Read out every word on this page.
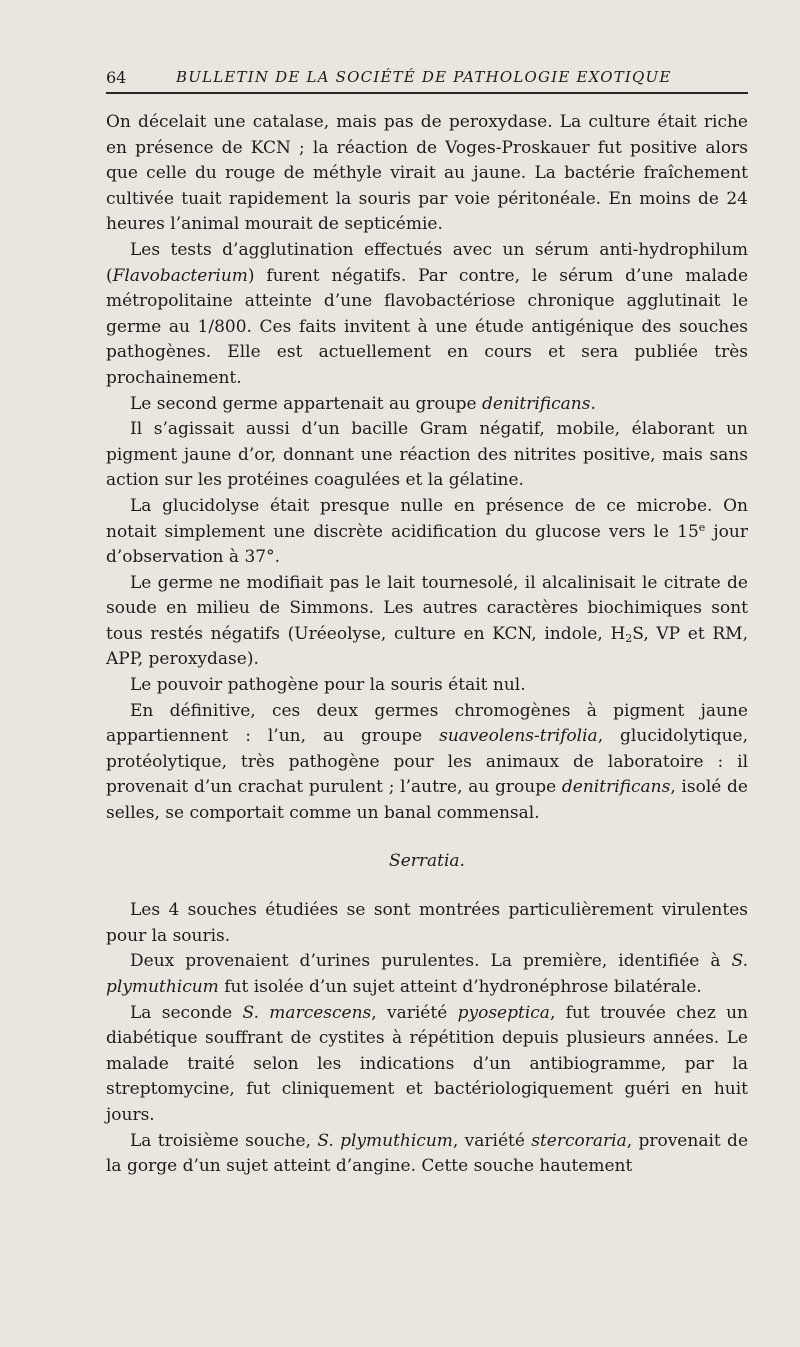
64	BULLETIN DE LA SOCIÉTÉ DE PATHOLOGIE EXOTIQUE

On décelait une catalase, mais pas de peroxydase. La culture était riche en présence de KCN ; la réaction de Voges-Proskauer fut positive alors que celle du rouge de méthyle virait au jaune. La bactérie fraîchement cultivée tuait rapidement la souris par voie péritonéale. En moins de 24 heures l’animal mourait de septicémie.

Les tests d’agglutination effectués avec un sérum anti-hydrophilum (Flavobacterium) furent négatifs. Par contre, le sérum d’une malade métropolitaine atteinte d’une flavobactériose chronique agglutinait le germe au 1/800. Ces faits invitent à une étude antigénique des souches pathogènes. Elle est actuellement en cours et sera publiée très prochainement.

Le second germe appartenait au groupe denitrificans.

Il s’agissait aussi d’un bacille Gram négatif, mobile, élaborant un pigment jaune d’or, donnant une réaction des nitrites positive, mais sans action sur les protéines coagulées et la gélatine.

La glucidolyse était presque nulle en présence de ce microbe. On notait simplement une discrète acidification du glucose vers le 15e jour d’observation à 37°.

Le germe ne modifiait pas le lait tournesolé, il alcalinisait le citrate de soude en milieu de Simmons. Les autres caractères biochimiques sont tous restés négatifs (Uréeolyse, culture en KCN, indole, $H_2S$, VP et RM, APP, peroxydase).

Le pouvoir pathogène pour la souris était nul.

En définitive, ces deux germes chromogènes à pigment jaune appartiennent : l’un, au groupe suaveolens-trifolia, glucidolytique, protéolytique, très pathogène pour les animaux de laboratoire : il provenait d’un crachat purulent ; l’autre, au groupe denitrificans, isolé de selles, se comportait comme un banal commensal.

Serratia.

Les 4 souches étudiées se sont montrées particulièrement virulentes pour la souris.

Deux provenaient d’urines purulentes. La première, identifiée à S. plymuthicum fut isolée d’un sujet atteint d’hydronéphrose bilatérale.

La seconde S. marcescens, variété pyoseptica, fut trouvée chez un diabétique souffrant de cystites à répétition depuis plusieurs années. Le malade traité selon les indications d’un antibiogramme, par la streptomycine, fut cliniquement et bactériologiquement guéri en huit jours.

La troisième souche, S. plymuthicum, variété stercoraria, provenait de la gorge d’un sujet atteint d’angine. Cette souche hautement
